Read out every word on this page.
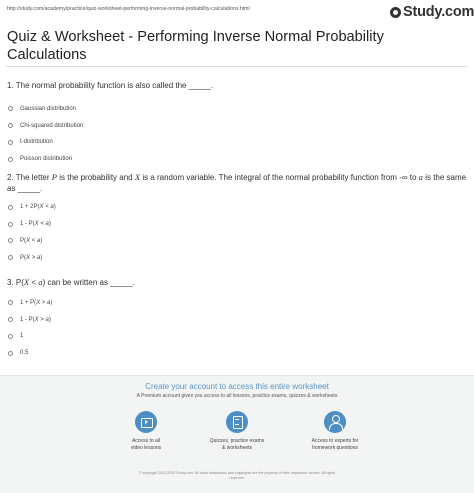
http://study.com/academy/practice/quiz-worksheet-performing-inverse-normal-probability-calculations.html	Study.com
Quiz & Worksheet - Performing Inverse Normal Probability Calculations
1. The normal probability function is also called the _____.
Gaussian distribution
Chi-squared distribution
t-distribution
Poisson distribution
2. The letter P is the probability and X is a random variable. The integral of the normal probability function from -∞ to a is the same as _____.
1 + 2P(X < a)
1 - P(X < a)
P(X < a)
P(X > a)
3. P(X < a) can be written as _____.
1 + P(X > a)
1 - P(X > a)
1
0.5
Create your account to access this entire worksheet
A Premium account gives you access to all lessons, practice exams, quizzes & worksheets
Access to all
video lessons
Quizzes, practice exams
& worksheets
Access to experts for
homework questions
© copyright 2003-2020 Study.com. All other trademarks and copyrights are the property of their respective owners. All rights
reserved.
